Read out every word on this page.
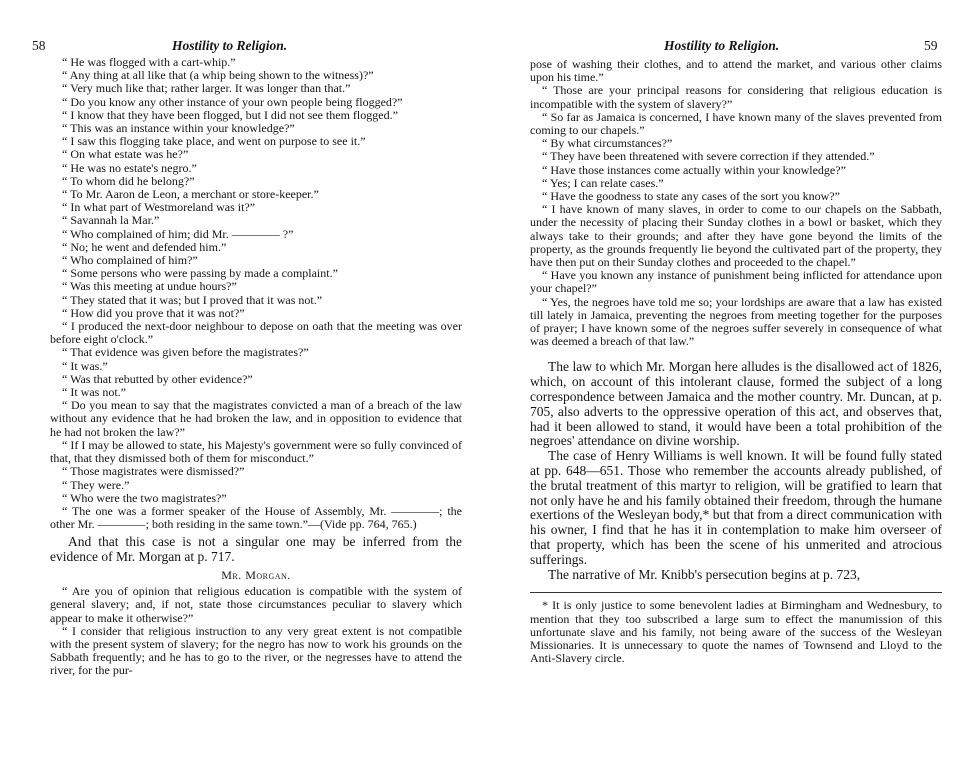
58	Hostility to Religion.

“ He was flogged with a cart-whip.”

“ Any thing at all like that (a whip being shown to the witness)?”

“ Very much like that; rather larger. It was longer than that.”

“ Do you know any other instance of your own people being flogged?”

“ I know that they have been flogged, but I did not see them flogged.”

“ This was an instance within your knowledge?”

“ I saw this flogging take place, and went on purpose to see it.”

“ On what estate was he?”

“ He was no estate's negro.”

“ To whom did he belong?”

“ To Mr. Aaron de Leon, a merchant or store-keeper.”

“ In what part of Westmoreland was it?”

“ Savannah la Mar.”

“ Who complained of him; did Mr. ———— ?”

“ No; he went and defended him.”

“ Who complained of him?”

“ Some persons who were passing by made a complaint.”

“ Was this meeting at undue hours?”

“ They stated that it was; but I proved that it was not.”

“ How did you prove that it was not?”

“ I produced the next-door neighbour to depose on oath that the meeting was over before eight o'clock.”

“ That evidence was given before the magistrates?”

“ It was.”

“ Was that rebutted by other evidence?”

“ It was not.”

“ Do you mean to say that the magistrates convicted a man of a breach of the law without any evidence that he had broken the law, and in opposition to evidence that he had not broken the law?”

“ If I may be allowed to state, his Majesty's government were so fully convinced of that, that they dismissed both of them for misconduct.”

“ Those magistrates were dismissed?”

“ They were.”

“ Who were the two magistrates?”

“ The one was a former speaker of the House of Assembly, Mr. ————; the other Mr. ————; both residing in the same town.”—(Vide pp. 764, 765.)

And that this case is not a singular one may be inferred from the evidence of Mr. Morgan at p. 717.

Mr. Morgan.

“ Are you of opinion that religious education is compatible with the system of general slavery; and, if not, state those circumstances peculiar to slavery which appear to make it otherwise?”

“ I consider that religious instruction to any very great extent is not compatible with the present system of slavery; for the negro has now to work his grounds on the Sabbath frequently; and he has to go to the river, or the negresses have to attend the river, for the pur-

Hostility to Religion.	59

pose of washing their clothes, and to attend the market, and various other claims upon his time.”

“ Those are your principal reasons for considering that religious education is incompatible with the system of slavery?”

“ So far as Jamaica is concerned, I have known many of the slaves prevented from coming to our chapels.”

“ By what circumstances?”

“ They have been threatened with severe correction if they attended.”

“ Have those instances come actually within your knowledge?”

“ Yes; I can relate cases.”

“ Have the goodness to state any cases of the sort you know?”

“ I have known of many slaves, in order to come to our chapels on the Sabbath, under the necessity of placing their Sunday clothes in a bowl or basket, which they always take to their grounds; and after they have gone beyond the limits of the property, as the grounds frequently lie beyond the cultivated part of the property, they have then put on their Sunday clothes and proceeded to the chapel.”

“ Have you known any instance of punishment being inflicted for attendance upon your chapel?”

“ Yes, the negroes have told me so; your lordships are aware that a law has existed till lately in Jamaica, preventing the negroes from meeting together for the purposes of prayer; I have known some of the negroes suffer severely in consequence of what was deemed a breach of that law.”

The law to which Mr. Morgan here alludes is the disallowed act of 1826, which, on account of this intolerant clause, formed the subject of a long correspondence between Jamaica and the mother country. Mr. Duncan, at p. 705, also adverts to the oppressive operation of this act, and observes that, had it been allowed to stand, it would have been a total prohibition of the negroes' attendance on divine worship.

The case of Henry Williams is well known. It will be found fully stated at pp. 648—651. Those who remember the accounts already published, of the brutal treatment of this martyr to religion, will be gratified to learn that not only have he and his family obtained their freedom, through the humane exertions of the Wesleyan body,* but that from a direct communication with his owner, I find that he has it in contemplation to make him overseer of that property, which has been the scene of his unmerited and atrocious sufferings.

The narrative of Mr. Knibb's persecution begins at p. 723,

* It is only justice to some benevolent ladies at Birmingham and Wednesbury, to mention that they too subscribed a large sum to effect the manumission of this unfortunate slave and his family, not being aware of the success of the Wesleyan Missionaries. It is unnecessary to quote the names of Townsend and Lloyd to the Anti-Slavery circle.
